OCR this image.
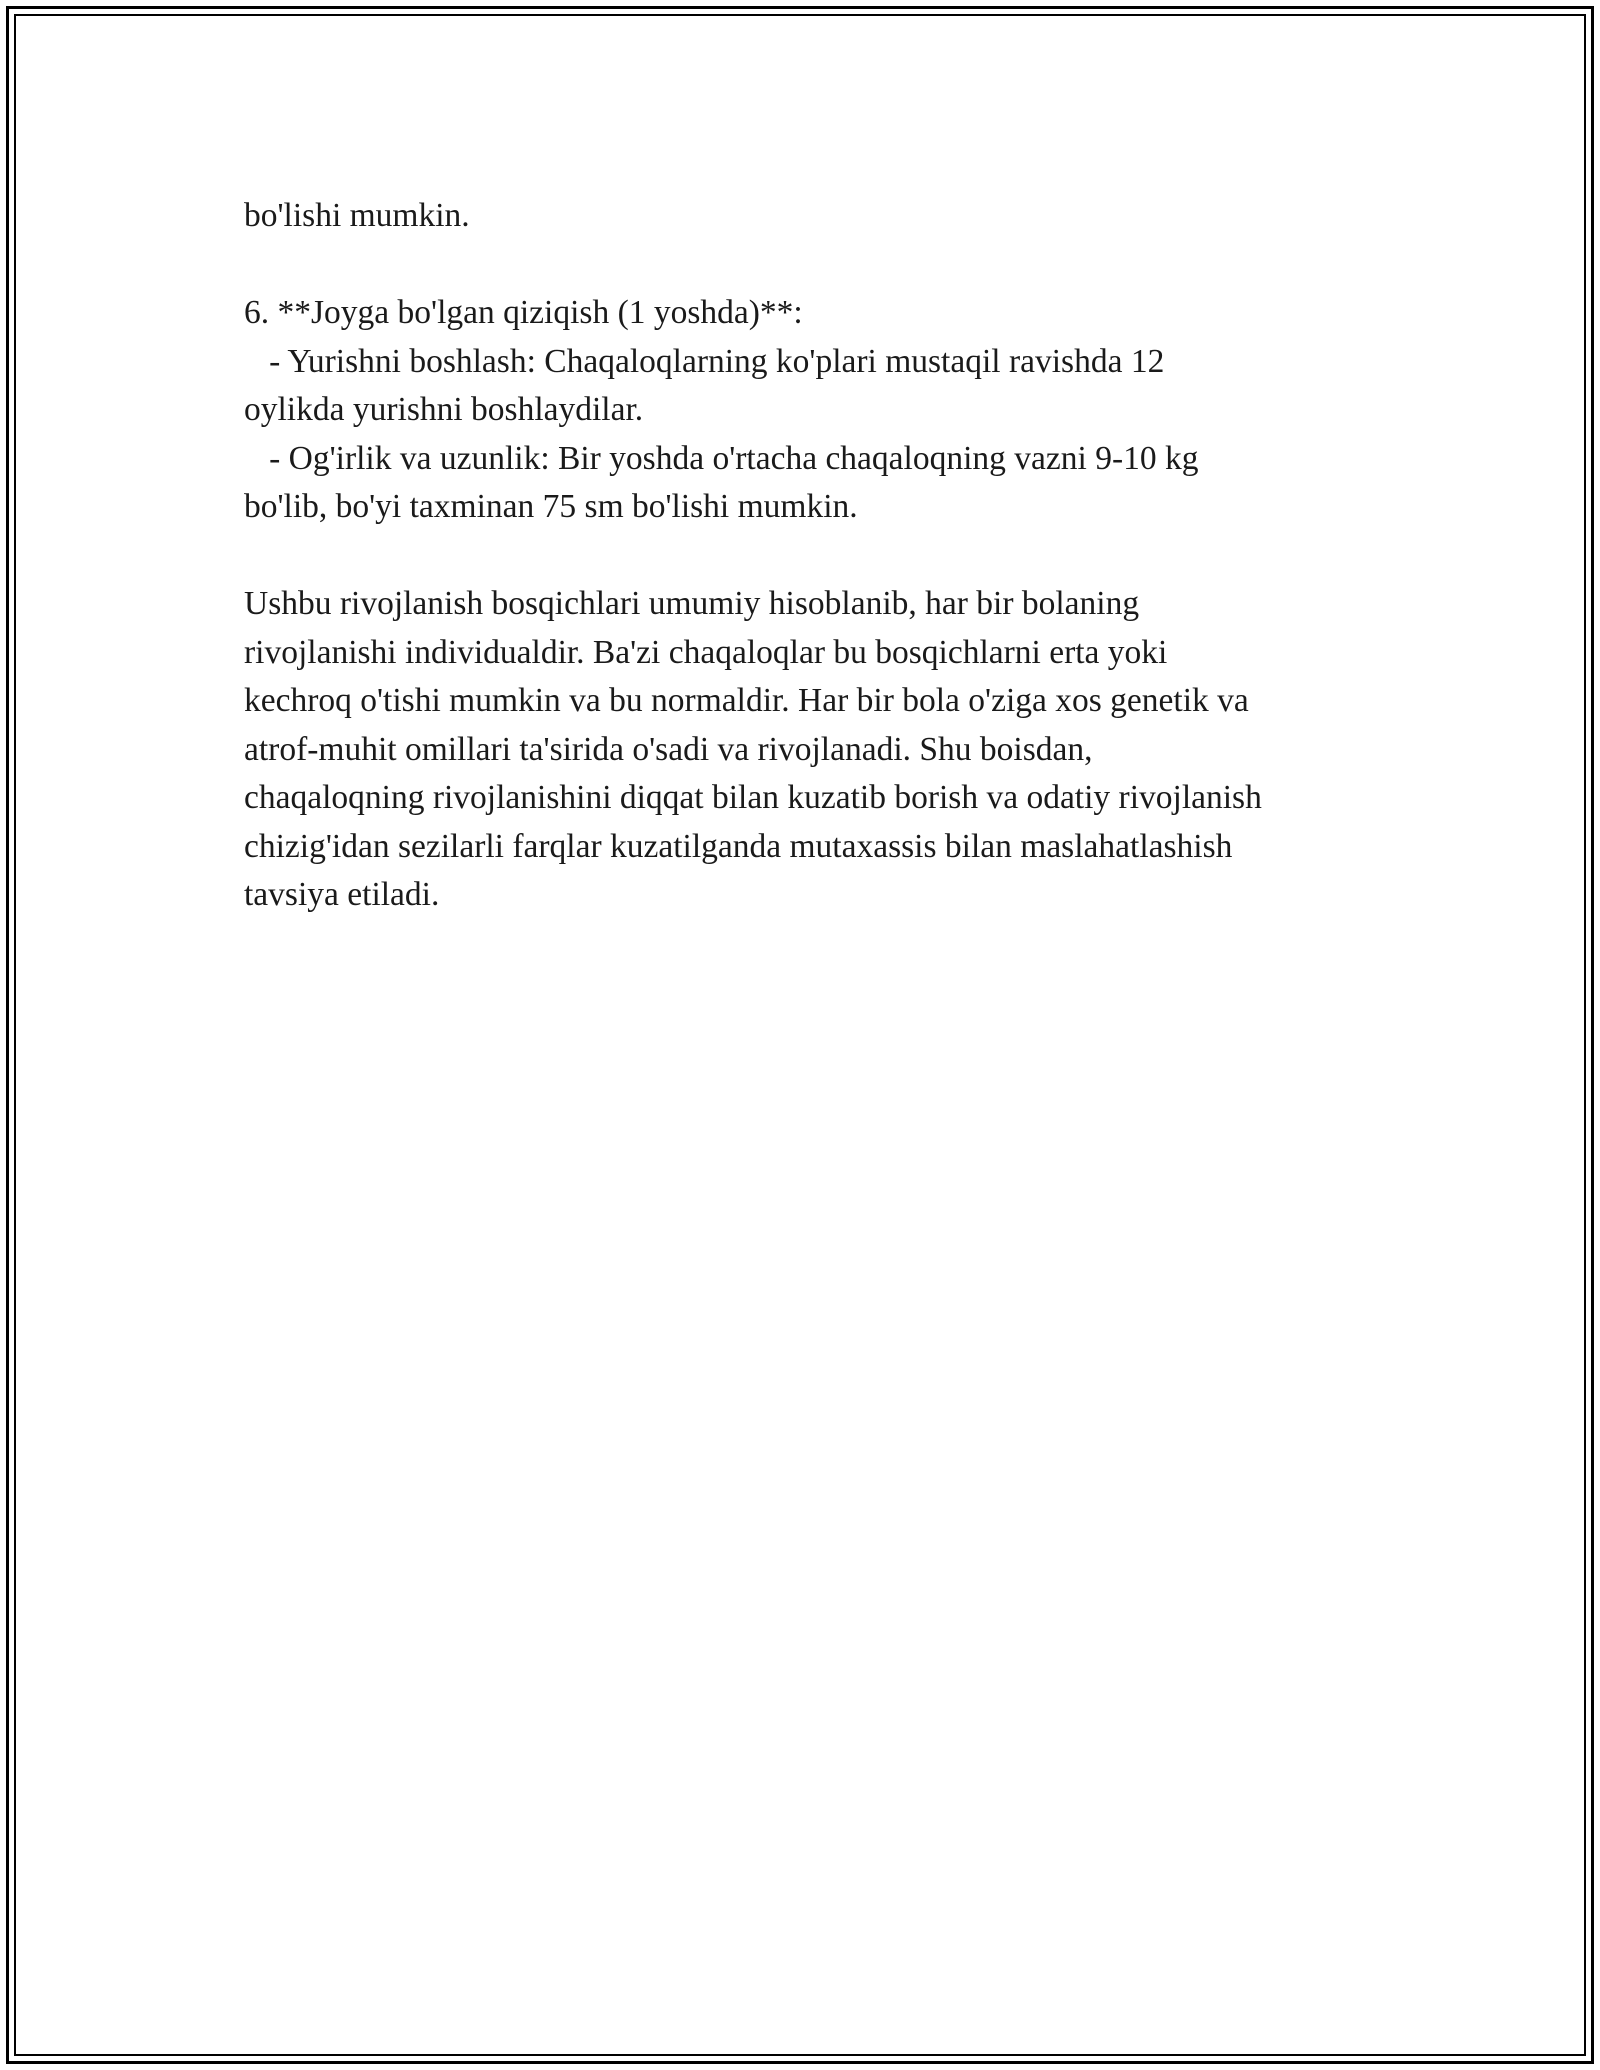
bo'lishi mumkin.
6. **Joyga bo'lgan qiziqish (1 yoshda)**:
- Yurishni boshlash: Chaqaloqlarning ko'plari mustaqil ravishda 12
oylikda yurishni boshlaydilar.
- Og'irlik va uzunlik: Bir yoshda o'rtacha chaqaloqning vazni 9-10 kg
bo'lib, bo'yi taxminan 75 sm bo'lishi mumkin.
Ushbu rivojlanish bosqichlari umumiy hisoblanib, har bir bolaning
rivojlanishi individualdir. Ba'zi chaqaloqlar bu bosqichlarni erta yoki
kechroq o'tishi mumkin va bu normaldir. Har bir bola o'ziga xos genetik va
atrof-muhit omillari ta'sirida o'sadi va rivojlanadi. Shu boisdan,
chaqaloqning rivojlanishini diqqat bilan kuzatib borish va odatiy rivojlanish
chizig'idan sezilarli farqlar kuzatilganda mutaxassis bilan maslahatlashish
tavsiya etiladi.
